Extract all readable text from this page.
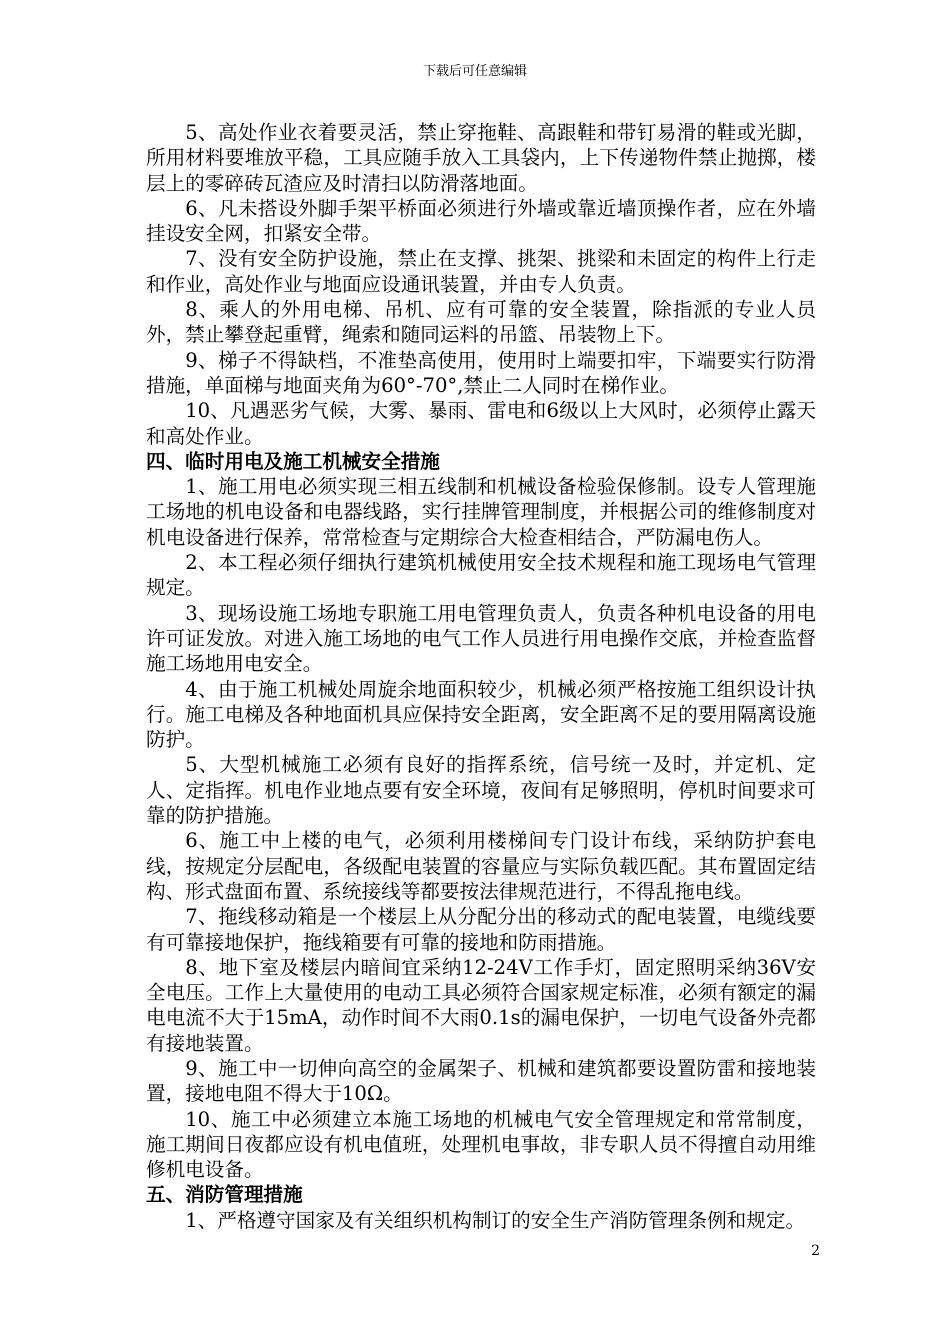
下载后可任意编辑

5、高处作业衣着要灵活，禁止穿拖鞋、高跟鞋和带钉易滑的鞋或光脚，所用材料要堆放平稳，工具应随手放入工具袋内，上下传递物件禁止抛掷，楼层上的零碎砖瓦渣应及时清扫以防滑落地面。

6、凡未搭设外脚手架平桥面必须进行外墙或靠近墙顶操作者，应在外墙挂设安全网，扣紧安全带。

7、没有安全防护设施，禁止在支撑、挑架、挑梁和未固定的构件上行走和作业，高处作业与地面应设通讯装置，并由专人负责。

8、乘人的外用电梯、吊机、应有可靠的安全装置，除指派的专业人员外，禁止攀登起重臂，绳索和随同运料的吊篮、吊装物上下。

9、梯子不得缺档，不准垫高使用，使用时上端要扣牢，下端要实行防滑措施，单面梯与地面夹角为60°-70°,禁止二人同时在梯作业。

10、凡遇恶劣气候，大雾、暴雨、雷电和6级以上大风时，必须停止露天和高处作业。

四、临时用电及施工机械安全措施

1、施工用电必须实现三相五线制和机械设备检验保修制。设专人管理施工场地的机电设备和电器线路，实行挂牌管理制度，并根据公司的维修制度对机电设备进行保养，常常检查与定期综合大检查相结合，严防漏电伤人。

2、本工程必须仔细执行建筑机械使用安全技术规程和施工现场电气管理规定。

3、现场设施工场地专职施工用电管理负责人，负责各种机电设备的用电许可证发放。对进入施工场地的电气工作人员进行用电操作交底，并检查监督施工场地用电安全。

4、由于施工机械处周旋余地面积较少，机械必须严格按施工组织设计执行。施工电梯及各种地面机具应保持安全距离，安全距离不足的要用隔离设施防护。

5、大型机械施工必须有良好的指挥系统，信号统一及时，并定机、定人、定指挥。机电作业地点要有安全环境，夜间有足够照明，停机时间要求可靠的防护措施。

6、施工中上楼的电气，必须利用楼梯间专门设计布线，采纳防护套电线，按规定分层配电，各级配电装置的容量应与实际负载匹配。其布置固定结构、形式盘面布置、系统接线等都要按法律规范进行，不得乱拖电线。

7、拖线移动箱是一个楼层上从分配分出的移动式的配电装置，电缆线要有可靠接地保护，拖线箱要有可靠的接地和防雨措施。

8、地下室及楼层内暗间宜采纳12-24V工作手灯，固定照明采纳36V安全电压。工作上大量使用的电动工具必须符合国家规定标准，必须有额定的漏电电流不大于15mA，动作时间不大雨0.1s的漏电保护，一切电气设备外壳都有接地装置。

9、施工中一切伸向高空的金属架子、机械和建筑都要设置防雷和接地装置，接地电阻不得大于10Ω。

10、施工中必须建立本施工场地的机械电气安全管理规定和常常制度，施工期间日夜都应设有机电值班，处理机电事故，非专职人员不得擅自动用维修机电设备。

五、消防管理措施

1、严格遵守国家及有关组织机构制订的安全生产消防管理条例和规定。

2
